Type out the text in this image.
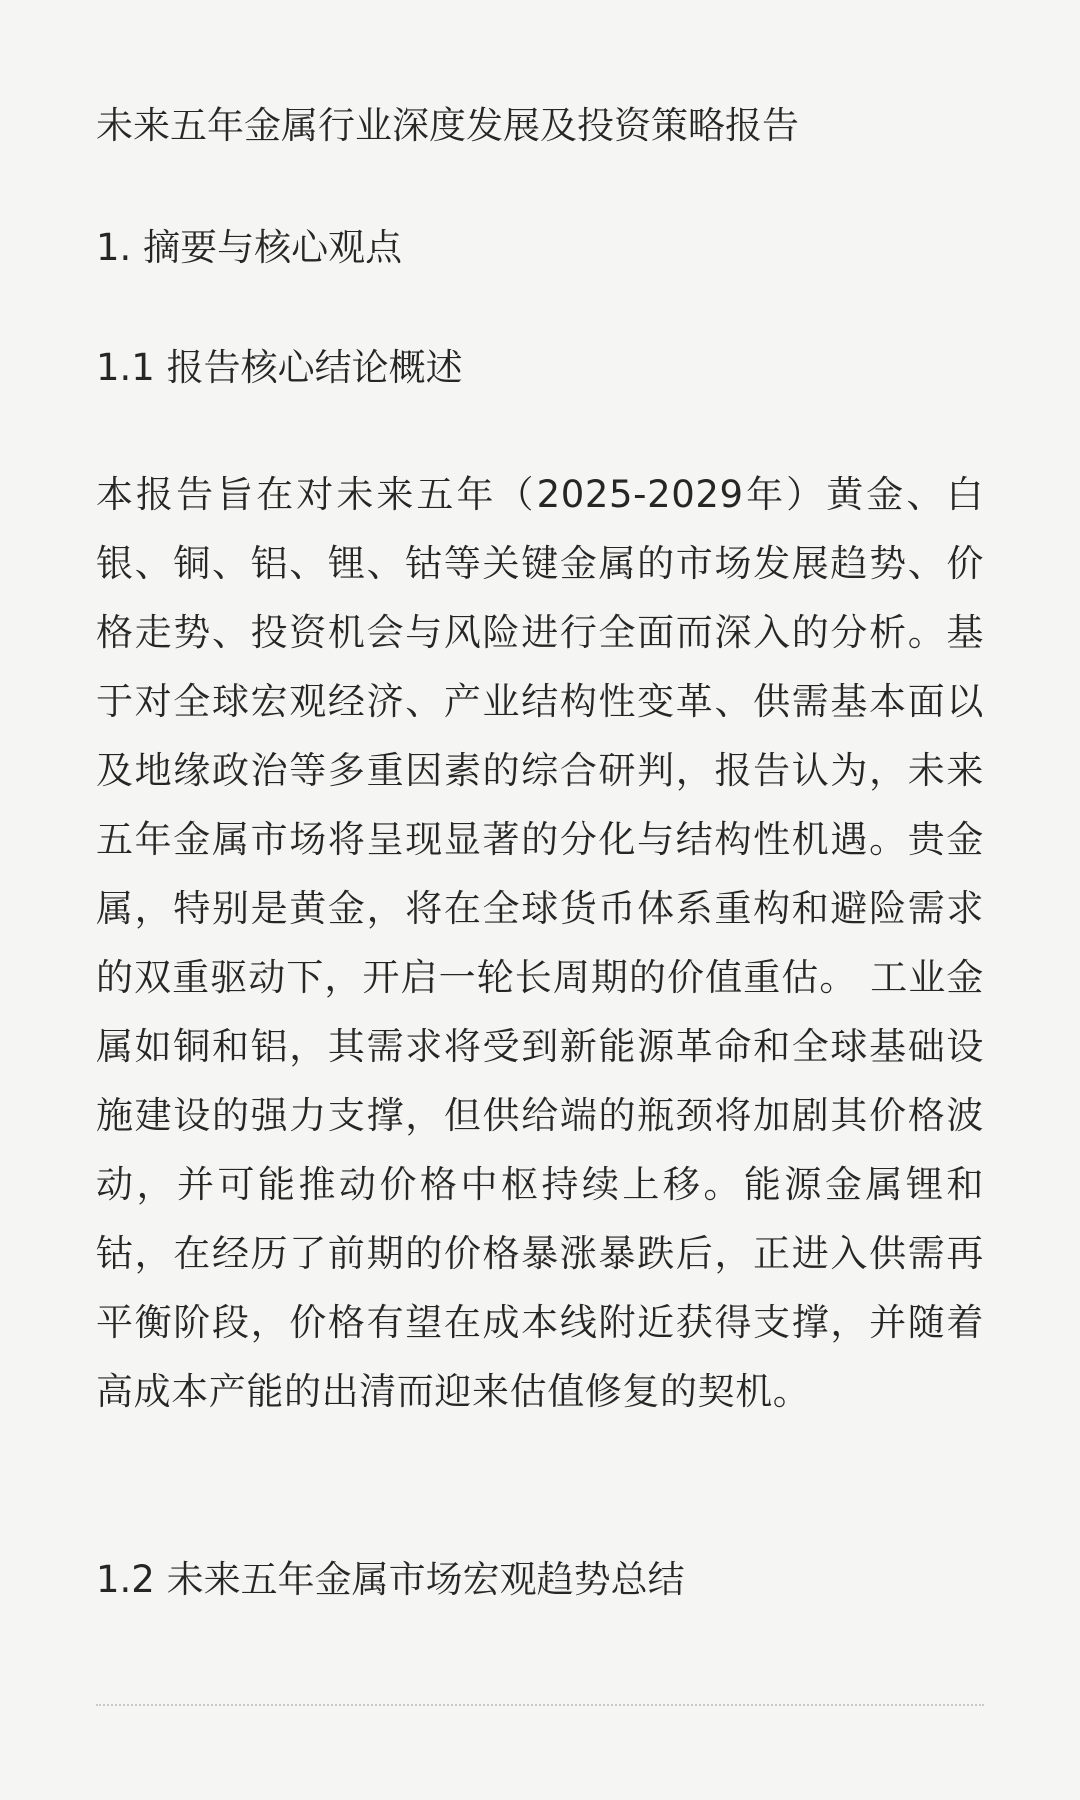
未来五年金属行业深度发展及投资策略报告
1. 摘要与核心观点
1.1 报告核心结论概述

本报告旨在对未来五年（2025-2029年）黄金、白银、铜、铝、锂、钴等关键金属的市场发展趋势、价格走势、投资机会与风险进行全面而深入的分析。基于对全球宏观经济、产业结构性变革、供需基本面以及地缘政治等多重因素的综合研判，报告认为，未来五年金属市场将呈现显著的分化与结构性机遇。贵金属，特别是黄金，将在全球货币体系重构和避险需求的双重驱动下，开启一轮长周期的价值重估。 工业金属如铜和铝，其需求将受到新能源革命和全球基础设施建设的强力支撑，但供给端的瓶颈将加剧其价格波动，并可能推动价格中枢持续上移。能源金属锂和钴，在经历了前期的价格暴涨暴跌后，正进入供需再平衡阶段，价格有望在成本线附近获得支撑，并随着高成本产能的出清而迎来估值修复的契机。

1.2 未来五年金属市场宏观趋势总结
